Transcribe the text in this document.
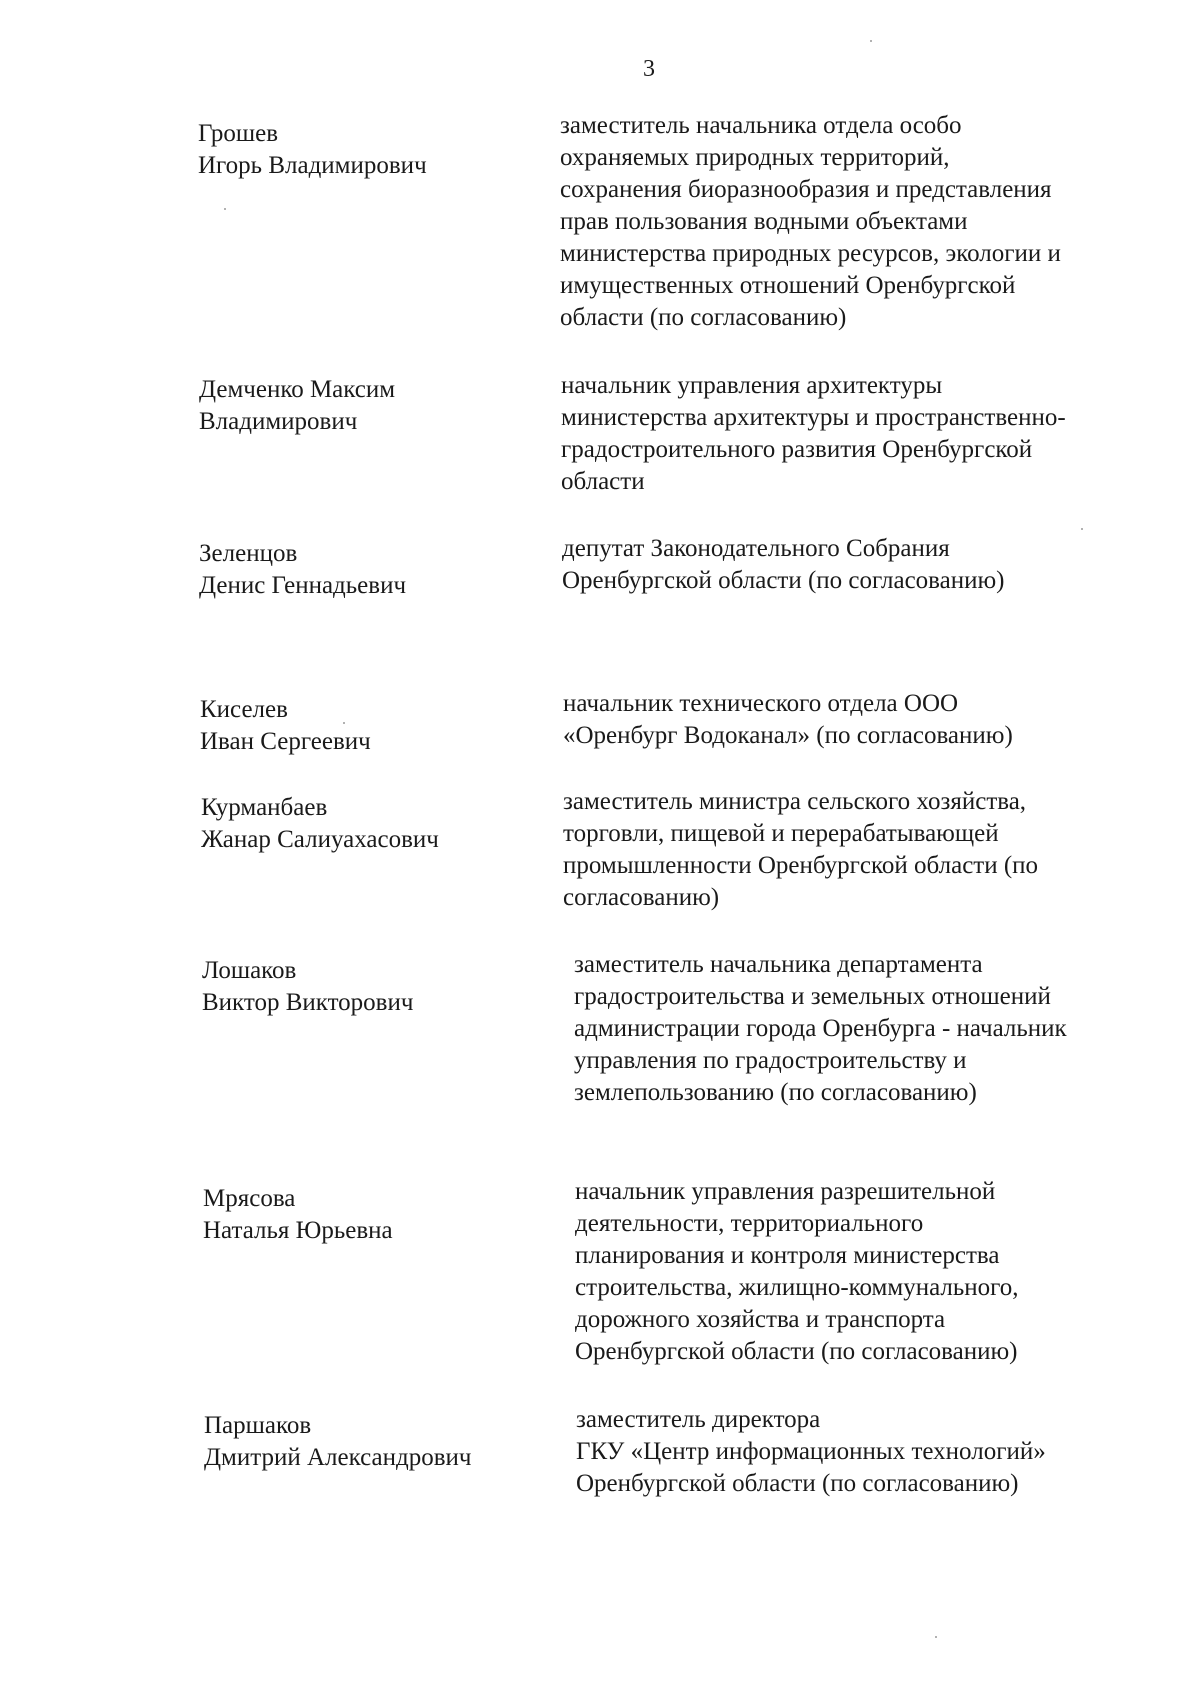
3
Грошев
Игорь Владимирович
заместитель начальника отдела особо
охраняемых природных территорий,
сохранения биоразнообразия и представления
прав пользования водными объектами
министерства природных ресурсов, экологии и
имущественных отношений Оренбургской
области (по согласованию)
Демченко Максим
Владимирович
начальник управления архитектуры
министерства архитектуры и пространственно-
градостроительного развития Оренбургской
области
Зеленцов
Денис Геннадьевич
депутат Законодательного Собрания
Оренбургской области (по согласованию)
Киселев
Иван Сергеевич
начальник технического отдела ООО
«Оренбург Водоканал» (по согласованию)
Курманбаев
Жанар Салиуахасович
заместитель министра сельского хозяйства,
торговли, пищевой и перерабатывающей
промышленности Оренбургской области (по
согласованию)
Лошаков
Виктор Викторович
заместитель начальника департамента
градостроительства и земельных отношений
администрации города Оренбурга - начальник
управления по градостроительству и
землепользованию (по согласованию)
Мрясова
Наталья Юрьевна
начальник управления разрешительной
деятельности, территориального
планирования и контроля министерства
строительства, жилищно-коммунального,
дорожного хозяйства и транспорта
Оренбургской области (по согласованию)
Паршаков
Дмитрий Александрович
заместитель директора
ГКУ «Центр информационных технологий»
Оренбургской области (по согласованию)
